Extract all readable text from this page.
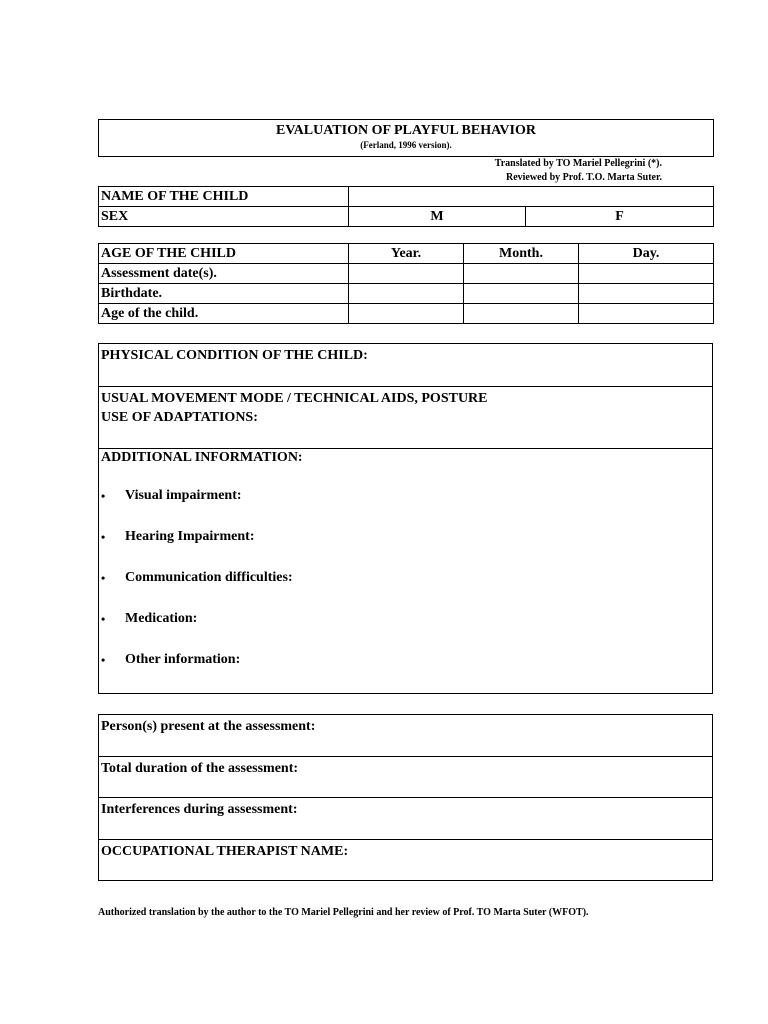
EVALUATION OF PLAYFUL BEHAVIOR
(Ferland, 1996 version).
Translated by TO Mariel Pellegrini (*).
Reviewed by Prof. T.O. Marta Suter.
NAME OF THE CHILD		
SEX	M	F
AGE OF THE CHILD	Year.	Month.	Day.
Assessment date(s).			
Birthdate.			
Age of the child.			
PHYSICAL CONDITION OF THE CHILD:
USUAL MOVEMENT MODE / TECHNICAL AIDS, POSTURE
USE OF ADAPTATIONS:
ADDITIONAL INFORMATION:
• Visual impairment:
• Hearing Impairment:
• Communication difficulties:
• Medication:
• Other information:
Person(s) present at the assessment:
Total duration of the assessment:
Interferences during assessment:
OCCUPATIONAL THERAPIST NAME:
Authorized translation by the author to the TO Mariel Pellegrini and her review of Prof. TO Marta Suter (WFOT).
